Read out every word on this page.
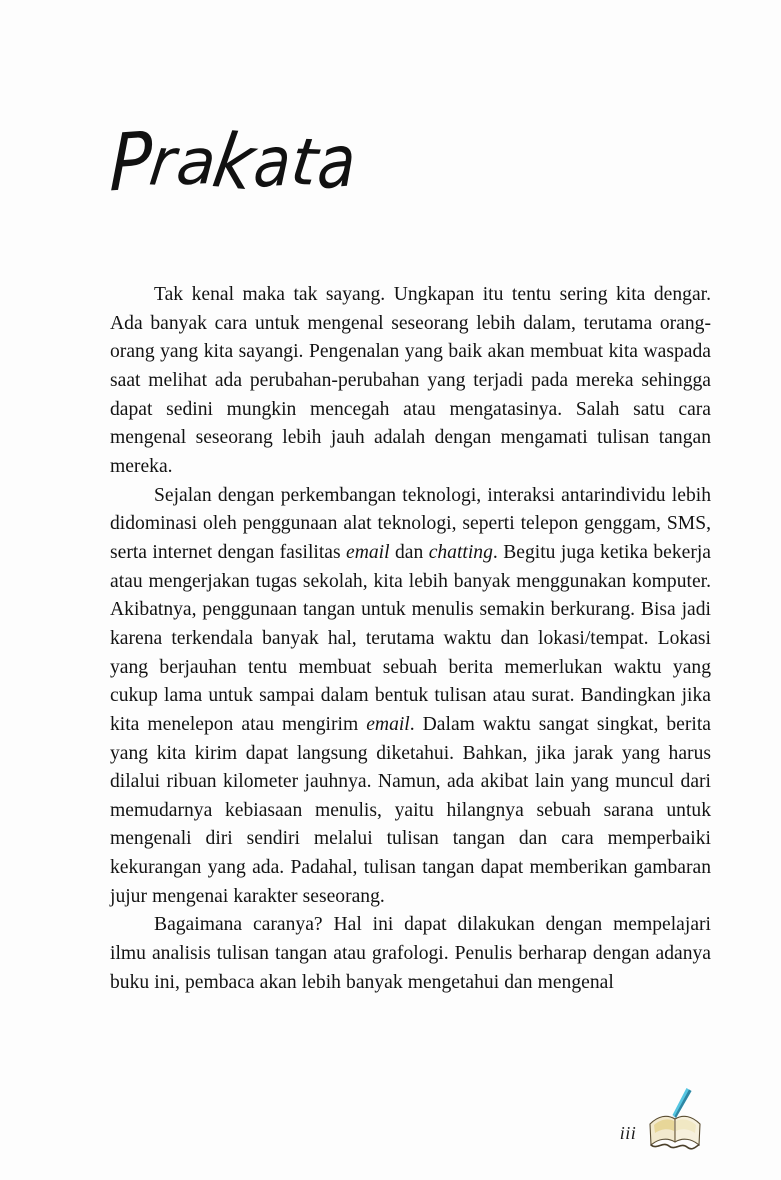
Prakata

Tak kenal maka tak sayang. Ungkapan itu tentu sering kita dengar. Ada banyak cara untuk mengenal seseorang lebih dalam, terutama orang-orang yang kita sayangi. Pengenalan yang baik akan membuat kita waspada saat melihat ada perubahan-perubahan yang terjadi pada mereka sehingga dapat sedini mungkin mencegah atau mengatasinya. Salah satu cara mengenal seseorang lebih jauh adalah dengan mengamati tulisan tangan mereka.

Sejalan dengan perkembangan teknologi, interaksi antarindividu lebih didominasi oleh penggunaan alat teknologi, seperti telepon genggam, SMS, serta internet dengan fasilitas email dan chatting. Begitu juga ketika bekerja atau mengerjakan tugas sekolah, kita lebih banyak menggunakan komputer. Akibatnya, penggunaan tangan untuk menulis semakin berkurang. Bisa jadi karena terkendala banyak hal, terutama waktu dan lokasi/tempat. Lokasi yang berjauhan tentu membuat sebuah berita memerlukan waktu yang cukup lama untuk sampai dalam bentuk tulisan atau surat. Bandingkan jika kita menelepon atau mengirim email. Dalam waktu sangat singkat, berita yang kita kirim dapat langsung diketahui. Bahkan, jika jarak yang harus dilalui ribuan kilometer jauhnya. Namun, ada akibat lain yang muncul dari memudarnya kebiasaan menulis, yaitu hilangnya sebuah sarana untuk mengenali diri sendiri melalui tulisan tangan dan cara memperbaiki kekurangan yang ada. Padahal, tulisan tangan dapat memberikan gambaran jujur mengenai karakter seseorang.

Bagaimana caranya? Hal ini dapat dilakukan dengan mempelajari ilmu analisis tulisan tangan atau grafologi. Penulis berharap dengan adanya buku ini, pembaca akan lebih banyak mengetahui dan mengenal

iii
